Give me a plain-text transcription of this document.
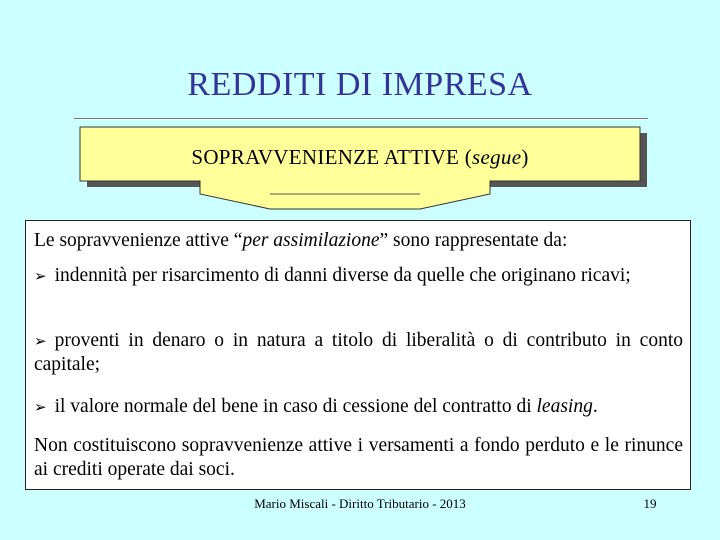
REDDITI DI IMPRESA
SOPRAVVENIENZE ATTIVE (segue)

Le sopravvenienze attive “per assimilazione” sono rappresentate da:

➢ indennità per risarcimento di danni diverse da quelle che originano ricavi;

➢ proventi in denaro o in natura a titolo di liberalità o di contributo in conto capitale;

➢ il valore normale del bene in caso di cessione del contratto di leasing.

Non costituiscono sopravvenienze attive i versamenti a fondo perduto e le rinunce ai crediti operate dai soci.

Mario Miscali - Diritto Tributario - 2013	19
